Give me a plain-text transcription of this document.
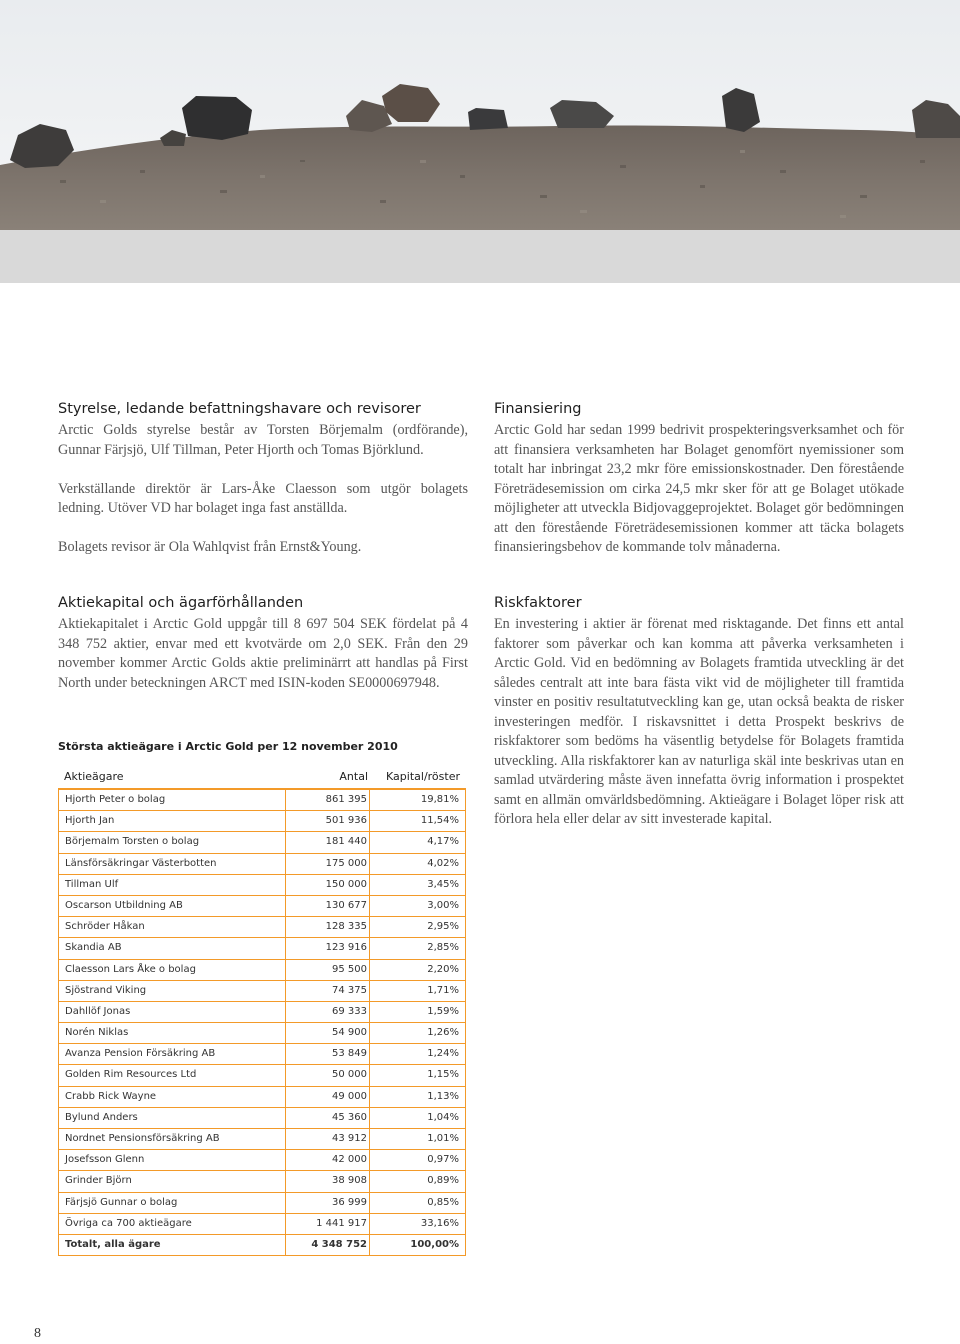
Styrelse, ledande befattningshavare och revisorer

Arctic Golds styrelse består av Torsten Börjemalm (ordförande), Gunnar Färjsjö, Ulf Tillman, Peter Hjorth och Tomas Björklund.

Verkställande direktör är Lars-Åke Claesson som utgör bolagets ledning. Utöver VD har bolaget inga fast anställda.

Bolagets revisor är Ola Wahlqvist från Ernst&Young.

Aktiekapital och ägarförhållanden

Aktiekapitalet i Arctic Gold uppgår till 8 697 504 SEK fördelat på 4 348 752 aktier, envar med ett kvotvärde om 2,0 SEK. Från den 29 november kommer Arctic Golds aktie preliminärrt att handlas på First North under beteckningen ARCT med ISIN-koden SE0000697948.

Finansiering

Arctic Gold har sedan 1999 bedrivit prospekteringsverksamhet och för att finansiera verksamheten har Bolaget genomfört nyemissioner som totalt har inbringat 23,2 mkr före emissionskostnader. Den förestående Företrädesemission om cirka 24,5 mkr sker för att ge Bolaget utökade möjligheter att utveckla Bidjovaggeprojektet. Bolaget gör bedömningen att den förestående Företrädesemissionen kommer att täcka bolagets finansieringsbehov de kommande tolv månaderna.

Riskfaktorer

En investering i aktier är förenat med risktagande. Det finns ett antal faktorer som påverkar och kan komma att påverka verksamheten i Arctic Gold. Vid en bedömning av Bolagets framtida utveckling är det således centralt att inte bara fästa vikt vid de möjligheter till framtida vinster en positiv resultatutveckling kan ge, utan också beakta de risker investeringen medför. I riskavsnittet i detta Prospekt beskrivs de riskfaktorer som bedöms ha väsentlig betydelse för Bolagets framtida utveckling. Alla riskfaktorer kan av naturliga skäl inte beskrivas utan en samlad utvärdering måste även innefatta övrig information i prospektet samt en allmän omvärldsbedömning. Aktieägare i Bolaget löper risk att förlora hela eller delar av sitt investerade kapital.

Största aktieägare i Arctic Gold per 12 november 2010
Aktieägare	Antal Kapital/röster
Hjorth Peter o bolag	861 395	19,81%
Hjorth Jan	501 936	11,54%
Börjemalm Torsten o bolag	181 440	4,17%
Länsförsäkringar Västerbotten	175 000	4,02%
Tillman Ulf	150 000	3,45%
Oscarson Utbildning AB	130 677	3,00%
Schröder Håkan	128 335	2,95%
Skandia AB	123 916	2,85%
Claesson Lars Åke o bolag	95 500	2,20%
Sjöstrand Viking	74 375	1,71%
Dahllöf Jonas	69 333	1,59%
Norén Niklas	54 900	1,26%
Avanza Pension Försäkring AB	53 849	1,24%
Golden Rim Resources Ltd	50 000	1,15%
Crabb Rick Wayne	49 000	1,13%
Bylund Anders	45 360	1,04%
Nordnet Pensionsförsäkring AB	43 912	1,01%
Josefsson Glenn	42 000	0,97%
Grinder Björn	38 908	0,89%
Färjsjö Gunnar o bolag	36 999	0,85%
Övriga ca 700 aktieägare	1 441 917	33,16%
Totalt, alla ägare	4 348 752	100,00%
8
